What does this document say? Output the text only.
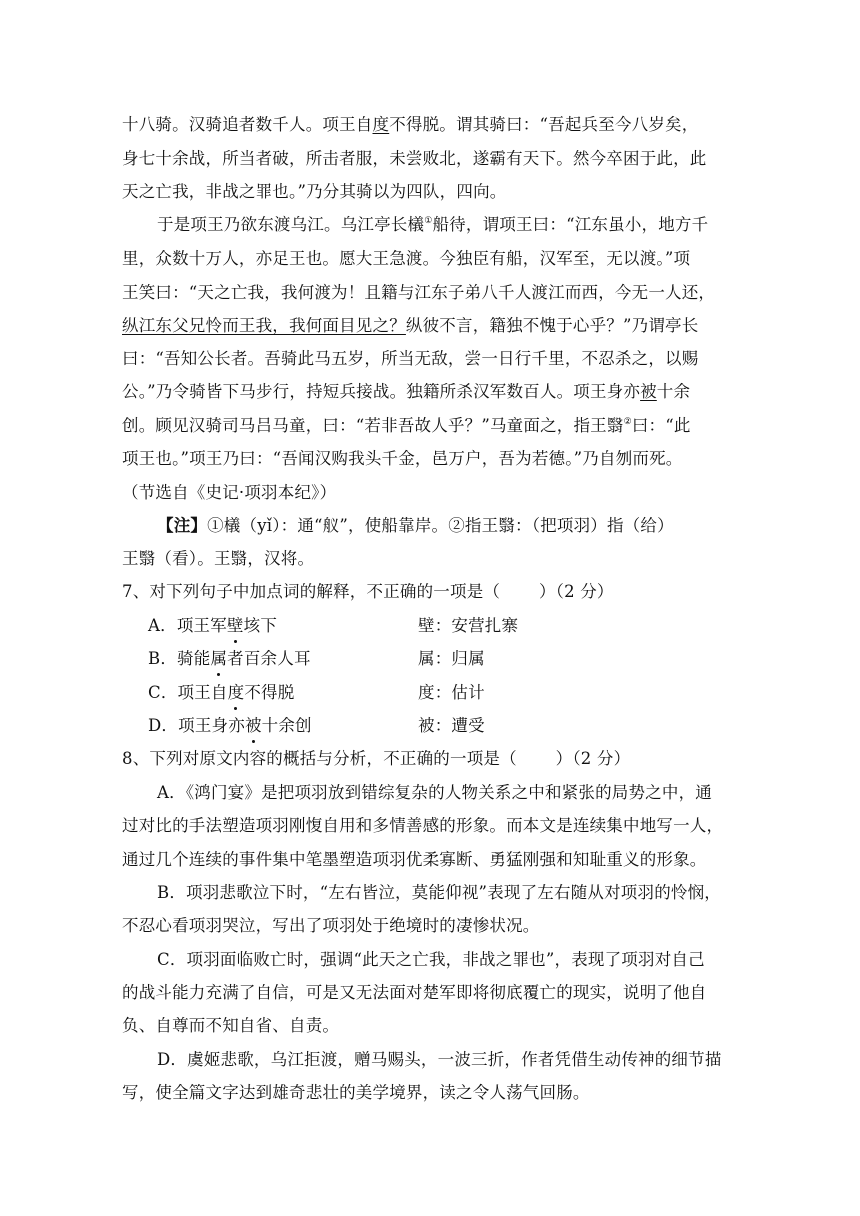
十八骑。汉骑追者数千人。项王自度不得脱。谓其骑曰：“吾起兵至今八岁矣，
身七十余战，所当者破，所击者服，未尝败北，遂霸有天下。然今卒困于此，此
天之亡我，非战之罪也。”乃分其骑以为四队，四向。
于是项王乃欲东渡乌江。乌江亭长檥①船待，谓项王曰：“江东虽小，地方千
里，众数十万人，亦足王也。愿大王急渡。今独臣有船，汉军至，无以渡。”项
王笑曰：“天之亡我，我何渡为！且籍与江东子弟八千人渡江而西，今无一人还，
纵江东父兄怜而王我，我何面目见之？纵彼不言，籍独不愧于心乎？”乃谓亭长
曰：“吾知公长者。吾骑此马五岁，所当无敌，尝一日行千里，不忍杀之，以赐
公。”乃令骑皆下马步行，持短兵接战。独籍所杀汉军数百人。项王身亦被十余
创。顾见汉骑司马吕马童，曰：“若非吾故人乎？”马童面之，指王翳②曰：“此
项王也。”项王乃曰：“吾闻汉购我头千金，邑万户，吾为若德。”乃自刎而死。
（节选自《史记·项羽本纪》）
【注】①檥（yǐ）：通“舣”，使船靠岸。②指王翳：（把项羽）指（给）
王翳（看）。王翳，汉将。
7、对下列句子中加点词的解释，不正确的一项是（　　 ）（2 分）
A．项王军壁垓下	壁：安营扎寨
B．骑能属者百余人耳	属：归属
C．项王自度不得脱	度：估计
D．项王身亦被十余创	被：遭受
8、下列对原文内容的概括与分析，不正确的一项是（　　 ）（2 分）
A．《鸿门宴》是把项羽放到错综复杂的人物关系之中和紧张的局势之中，通
过对比的手法塑造项羽刚愎自用和多情善感的形象。而本文是连续集中地写一人，
通过几个连续的事件集中笔墨塑造项羽优柔寡断、勇猛刚强和知耻重义的形象。
B．项羽悲歌泣下时，“左右皆泣，莫能仰视”表现了左右随从对项羽的怜悯，
不忍心看项羽哭泣，写出了项羽处于绝境时的凄惨状况。
C．项羽面临败亡时，强调“此天之亡我，非战之罪也”，表现了项羽对自己
的战斗能力充满了自信，可是又无法面对楚军即将彻底覆亡的现实，说明了他自
负、自尊而不知自省、自责。
D．虞姬悲歌，乌江拒渡，赠马赐头，一波三折，作者凭借生动传神的细节描
写，使全篇文字达到雄奇悲壮的美学境界，读之令人荡气回肠。
